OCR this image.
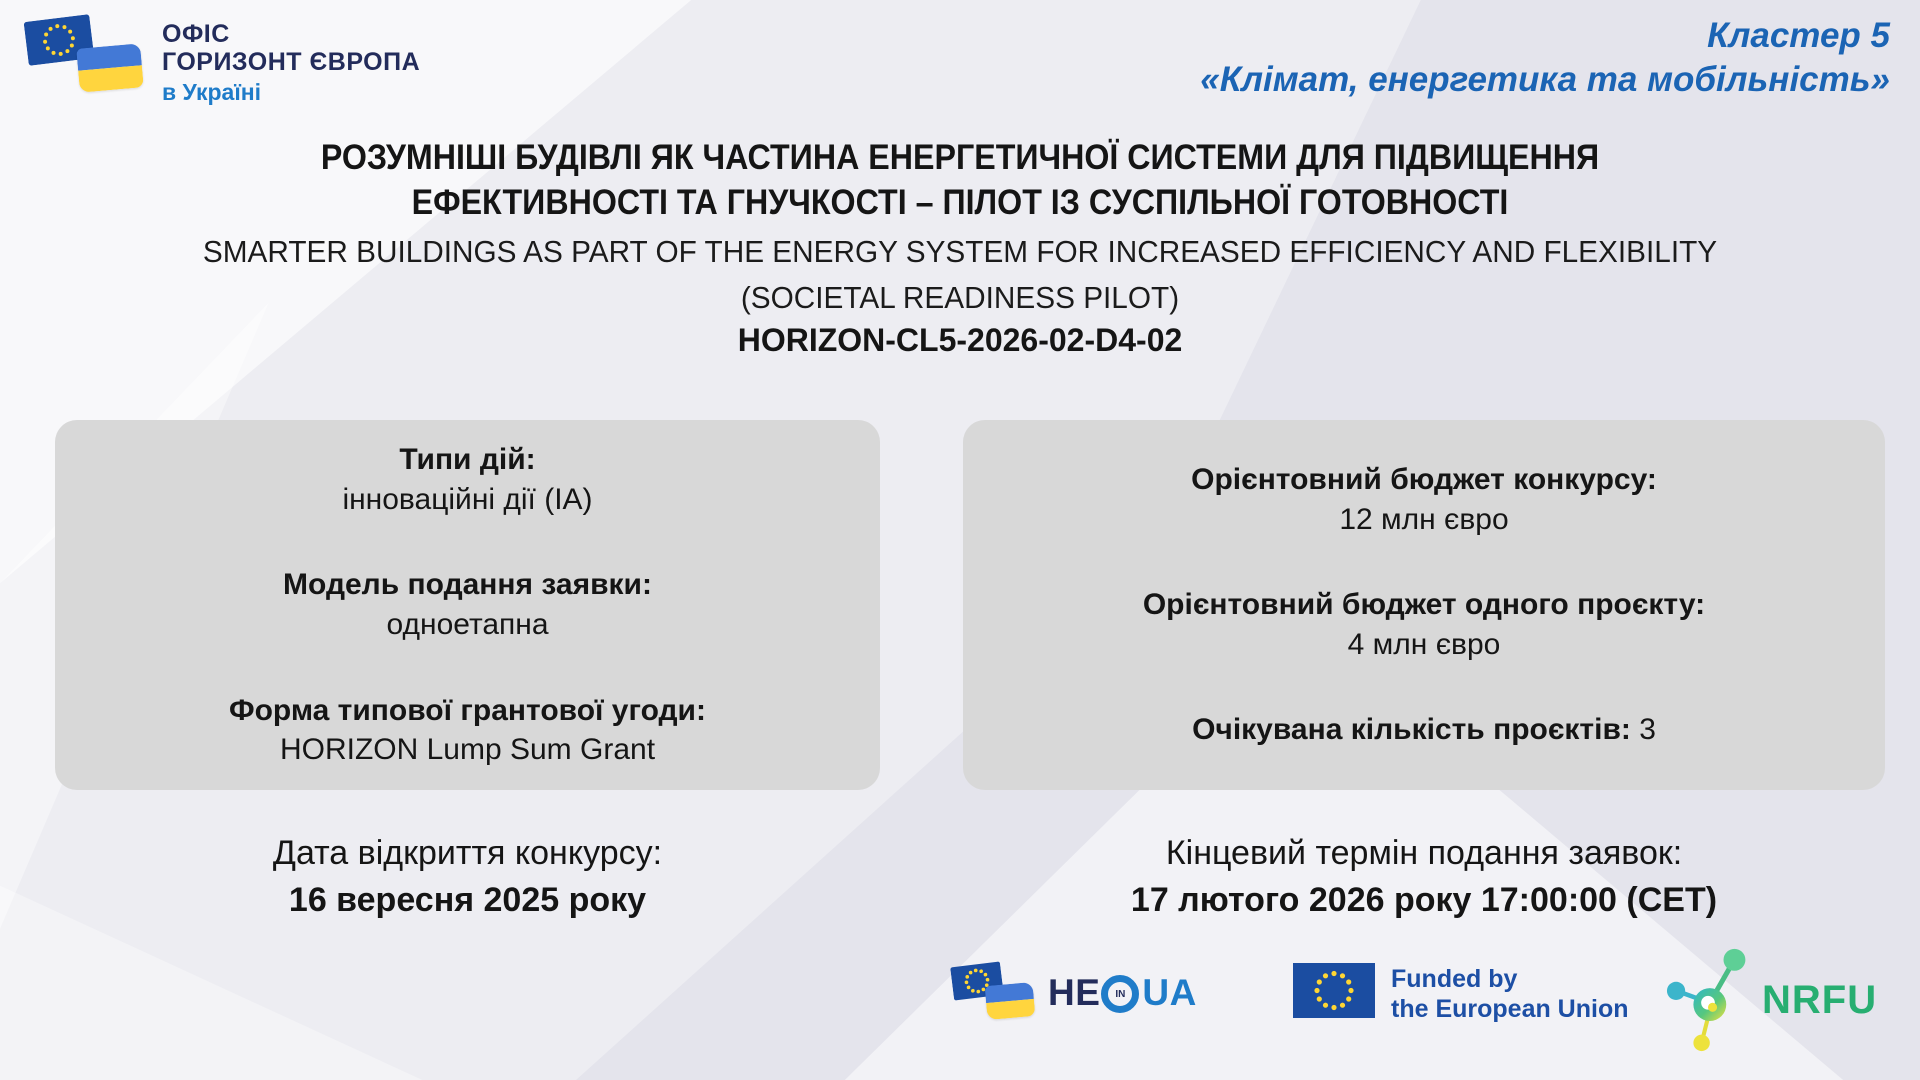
ОФІС
ГОРИЗОНТ ЄВРОПА
в Україні
Кластер 5
«Клімат, енергетика та мобільність»
РОЗУМНІШІ БУДІВЛІ ЯК ЧАСТИНА ЕНЕРГЕТИЧНОЇ СИСТЕМИ ДЛЯ ПІДВИЩЕННЯ
ЕФЕКТИВНОСТІ ТА ГНУЧКОСТІ – ПІЛОТ ІЗ СУСПІЛЬНОЇ ГОТОВНОСТІ
SMARTER BUILDINGS AS PART OF THE ENERGY SYSTEM FOR INCREASED EFFICIENCY AND FLEXIBILITY
(SOCIETAL READINESS PILOT)
HORIZON-CL5-2026-02-D4-02
Типи дій:
інноваційні дії (IA)
Модель подання заявки:
одноетапна
Форма типової грантової угоди:
HORIZON Lump Sum Grant
Орієнтовний бюджет конкурсу:
12 млн євро
Орієнтовний бюджет одного проєкту:
4 млн євро
Очікувана кількість проєктів: 3
Дата відкриття конкурсу:
16 вересня 2025 року
Кінцевий термін подання заявок:
17 лютого 2026 року 17:00:00 (CET)
HE IN UA	Funded by
the European Union	NRFU
